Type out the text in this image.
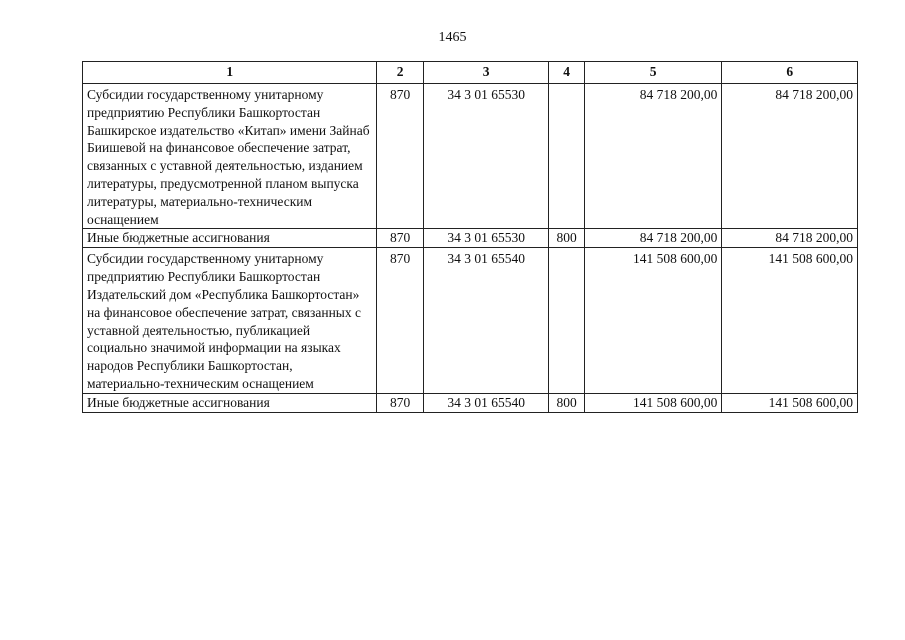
1465
1	2	3	4	5	6
Субсидии государственному унитарному предприятию Республики Башкортостан Башкирское издательство «Китап» имени Зайнаб Биишевой на финансовое обеспечение затрат, связанных с уставной деятельностью, изданием литературы, предусмотренной планом выпуска литературы, материально-техническим оснащением	870	34 3 01 65530		84 718 200,00	84 718 200,00
Иные бюджетные ассигнования	870	34 3 01 65530	800	84 718 200,00	84 718 200,00
Субсидии государственному унитарному предприятию Республики Башкортостан Издательский дом «Республика Башкортостан» на финансовое обеспечение затрат, связанных с уставной деятельностью, публикацией социально значимой информации на языках народов Республики Башкортостан, материально-техническим оснащением	870	34 3 01 65540		141 508 600,00	141 508 600,00
Иные бюджетные ассигнования	870	34 3 01 65540	800	141 508 600,00	141 508 600,00
